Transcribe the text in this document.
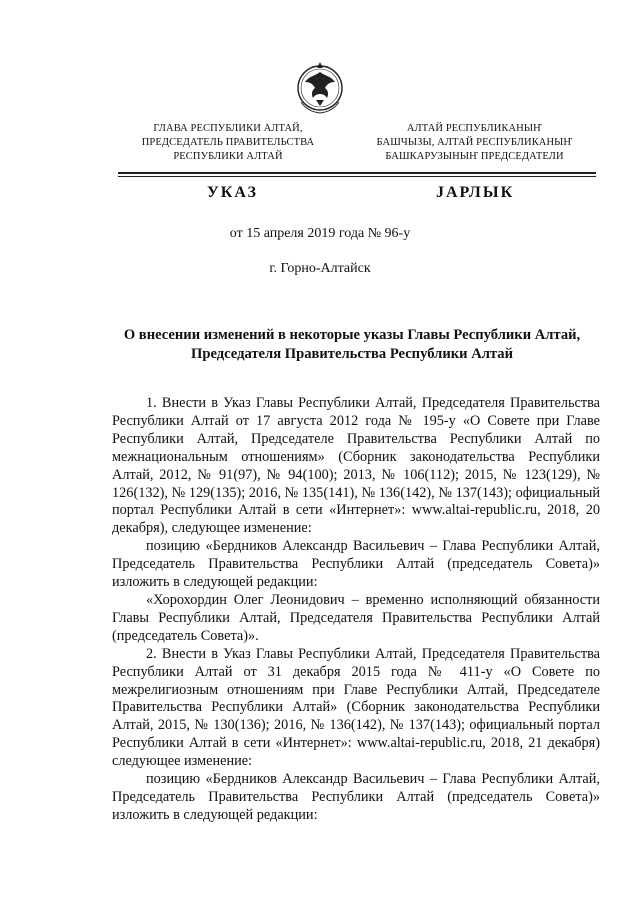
ГЛАВА РЕСПУБЛИКИ АЛТАЙ,
ПРЕДСЕДАТЕЛЬ ПРАВИТЕЛЬСТВА
РЕСПУБЛИКИ АЛТАЙ
АЛТАЙ РЕСПУБЛИКАНЫҤ
БАШЧЫЗЫ, АЛТАЙ РЕСПУБЛИКАНЫҤ
БАШКАРУЗЫНЫҤ ПРЕДСЕДАТЕЛИ
УКАЗ	JАРЛЫК
от 15 апреля 2019 года № 96-у
г. Горно-Алтайск
О внесении изменений в некоторые указы Главы Республики Алтай,
Председателя Правительства Республики Алтай

1. Внести в Указ Главы Республики Алтай, Председателя Правительства Республики Алтай от 17 августа 2012 года № 195-у «О Совете при Главе Республики Алтай, Председателе Правительства Республики Алтай по межнациональным отношениям» (Сборник законодательства Республики Алтай, 2012, № 91(97), № 94(100); 2013, № 106(112); 2015, № 123(129), № 126(132), № 129(135); 2016, № 135(141), № 136(142), № 137(143); официальный портал Республики Алтай в сети «Интернет»: www.altai-republic.ru, 2018, 20 декабря), следующее изменение:

позицию «Бердников Александр Васильевич – Глава Республики Алтай, Председатель Правительства Республики Алтай (председатель Совета)» изложить в следующей редакции:

«Хорохордин Олег Леонидович – временно исполняющий обязанности Главы Республики Алтай, Председателя Правительства Республики Алтай (председатель Совета)».

2. Внести в Указ Главы Республики Алтай, Председателя Правительства Республики Алтай от 31 декабря 2015 года № 411-у «О Совете по межрелигиозным отношениям при Главе Республики Алтай, Председателе Правительства Республики Алтай» (Сборник законодательства Республики Алтай, 2015, № 130(136); 2016, № 136(142), № 137(143); официальный портал Республики Алтай в сети «Интернет»: www.altai-republic.ru, 2018, 21 декабря) следующее изменение:

позицию «Бердников Александр Васильевич – Глава Республики Алтай, Председатель Правительства Республики Алтай (председатель Совета)» изложить в следующей редакции:
